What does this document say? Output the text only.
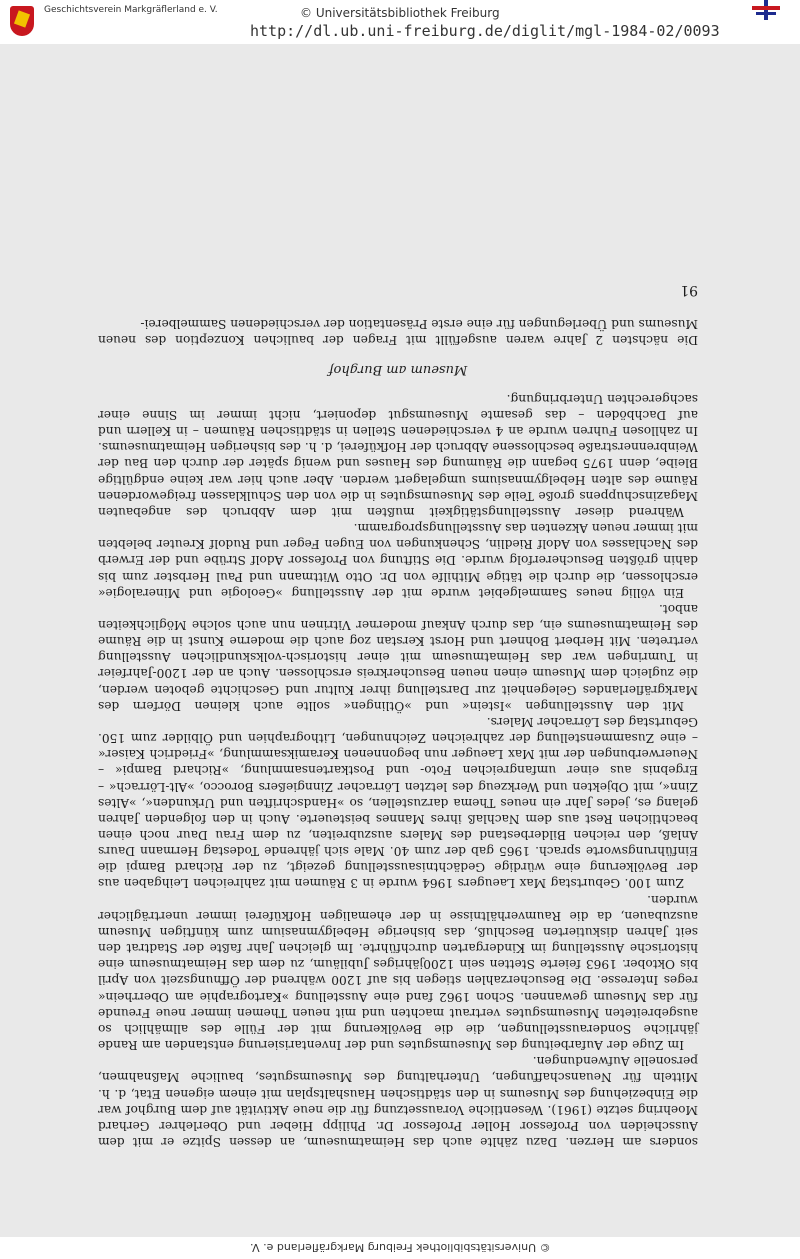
Geschichtsverein Markgräflerland e. V.	© Universitätsbibliothek Freiburg
http://dl.ub.uni-freiburg.de/diglit/mgl-1984-02/0093

sonders am Herzen. Dazu zählte auch das Heimatmuseum, an dessen Spitze er mit dem Ausscheiden von Professor Holler Professor Dr. Philipp Hieber und Oberlehrer Gerhard Moehring setzte (1961). Wesentliche Voraussetzung für die neue Aktivität auf dem Burghof war die Einbeziehung des Museums in den städtischen Haushaltsplan mit einem eigenen Etat, d. h. Mitteln für Neuanschaffungen, Unterhaltung des Museumsgutes, bauliche Maßnahmen, personelle Aufwendungen.

Im Zuge der Aufarbeitung des Museumsgutes und der Inventarisierung entstanden am Rande jährliche Sonderausstellungen, die die Bevölkerung mit der Fülle des allmählich so ausgebreiteten Museumsgutes vertraut machten und mit neuen Themen immer neue Freunde für das Museum gewannen. Schon 1962 fand eine Ausstellung »Kartographie am Oberrhein« reges Interesse. Die Besucherzahlen stiegen bis auf 1200 während der Öffnungszeit von April bis Oktober. 1963 feierte Stetten sein 1200jähriges Jubiläum, zu dem das Heimatmuseum eine historische Ausstellung im Kindergarten durchführte. Im gleichen Jahr faßte der Stadtrat den seit Jahren diskutierten Beschluß, das bisherige Hebelgymnasium zum künftigen Museum auszubauen, da die Raumverhältnisse in der ehemaligen Hofküferei immer unerträglicher wurden.

Zum 100. Geburtstag Max Laeugers 1964 wurde in 3 Räumen mit zahlreichen Leihgaben aus der Bevölkerung eine würdige Gedächtnisausstellung gezeigt, zu der Richard Bampi die Einführungsworte sprach. 1965 gab der zum 40. Male sich jährende Todestag Hermann Daurs Anlaß, den reichen Bilderbestand des Malers auszubreiten, zu dem Frau Daur noch einen beachtlichen Rest aus dem Nachlaß ihres Mannes beisteuerte. Auch in den folgenden Jahren gelang es, jedes Jahr ein neues Thema darzustellen, so »Handschriften und Urkunden«, »Altes Zinn«, mit Objekten und Werkzeug des letzten Lörracher Zinngießers Borocco, »Alt-Lörrach« – Ergebnis aus einer umfangreichen Foto- und Postkartensammlung, »Richard Bampi« – Neuerwerbungen der mit Max Laeuger nun begonnenen Keramiksammlung, »Friedrich Kaiser« – eine Zusammenstellung der zahlreichen Zeichnungen, Lithographien und Ölbilder zum 150. Geburtstag des Lörracher Malers.

Mit den Ausstellungen »Istein« und »Ötlingen« sollte auch kleinen Dörfern des Markgräflerlandes Gelegenheit zur Darstellung ihrer Kultur und Geschichte geboten werden, die zugleich dem Museum einen neuen Besucherkreis erschlossen. Auch an der 1200-Jahrfeier in Tumringen war das Heimatmuseum mit einer historisch-volkskundlichen Ausstellung vertreten. Mit Herbert Bohnert und Horst Kerstan zog auch die moderne Kunst in die Räume des Heimatmuseums ein, das durch Ankauf moderner Vitrinen nun auch solche Möglichkeiten anbot.

Ein völlig neues Sammelgebiet wurde mit der Ausstellung »Geologie und Mineralogie« erschlossen, die durch die tätige Mithilfe von Dr. Otto Wittmann und Paul Herbster zum bis dahin größten Besuchererfolg wurde. Die Stiftung von Professor Adolf Strübe und der Erwerb des Nachlasses von Adolf Riedlin, Schenkungen von Eugen Feger und Rudolf Kreuter belebten mit immer neuen Akzenten das Ausstellungsprogramm.

Während dieser Ausstellungstätigkeit mußten mit dem Abbruch des angebauten Magazinschuppens große Teile des Museumsgutes in die von den Schulklassen freigewordenen Räume des alten Hebelgymnasiums umgelagert werden. Aber auch hier war keine endgültige Bleibe, denn 1975 begann die Räumung des Hauses und wenig später der durch den Bau der Weinbrennerstraße beschlossene Abbruch der Hofküferei, d. h. des bisherigen Heimatmuseums. In zahllosen Fuhren wurde an 4 verschiedenen Stellen in städtischen Räumen – in Kellern und auf Dachböden – das gesamte Museumsgut deponiert, nicht immer im Sinne einer sachgerechten Unterbringung.

Museum am Burghof

Die nächsten 2 Jahre waren ausgefüllt mit Fragen der baulichen Konzeption des neuen Museums und Überlegungen für eine erste Präsentation der verschiedenen Sammelberei-

91
© Universitätsbibliothek Freiburg Markgräflerland e. V.
